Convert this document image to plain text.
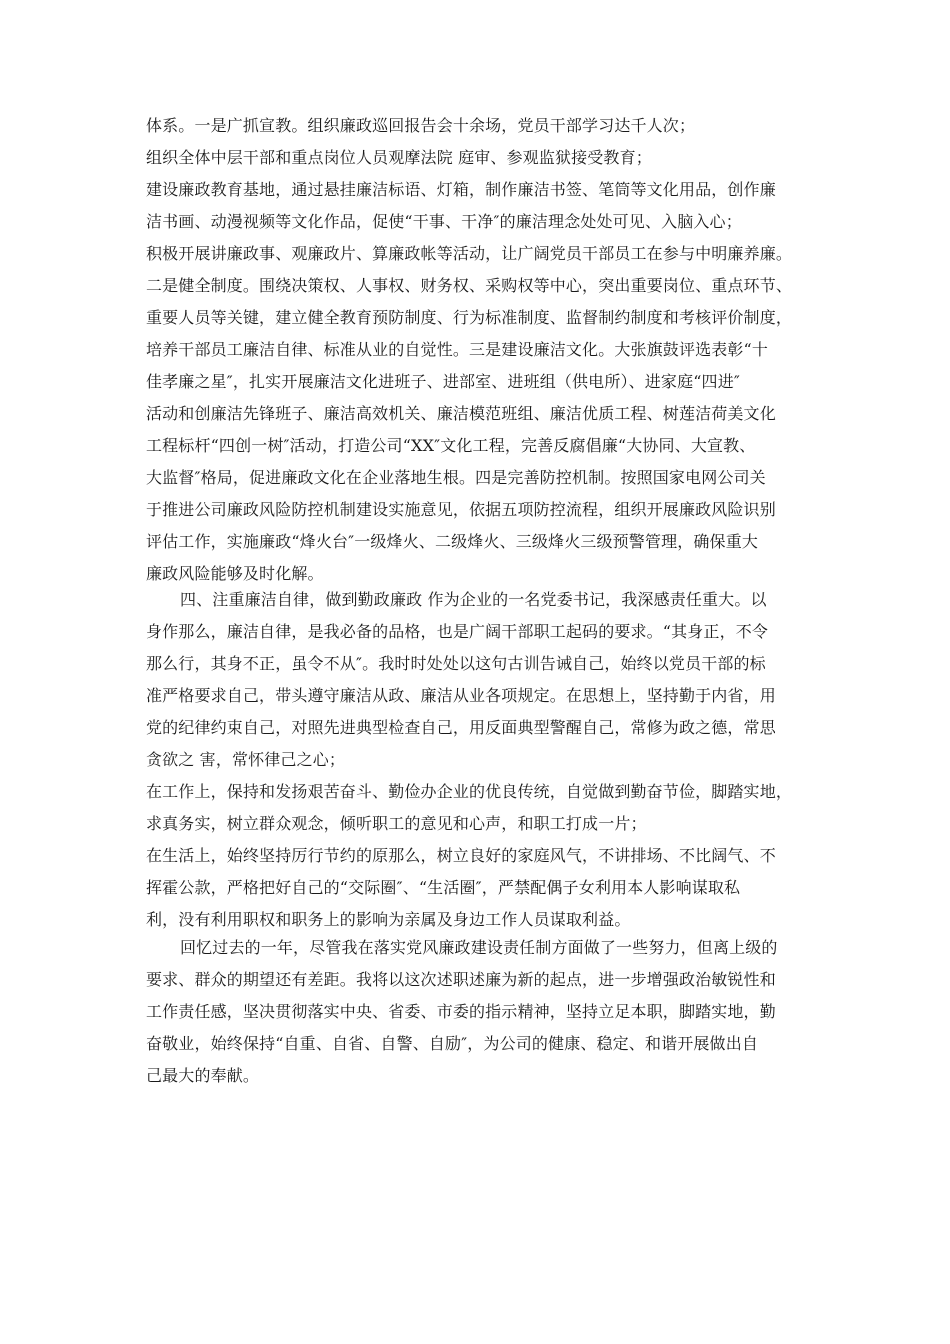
体系。一是广抓宣教。组织廉政巡回报告会十余场，党员干部学习达千人次；
组织全体中层干部和重点岗位人员观摩法院 庭审、参观监狱接受教育；
建设廉政教育基地，通过悬挂廉洁标语、灯箱，制作廉洁书签、笔筒等文化用品，创作廉
洁书画、动漫视频等文化作品，促使“干事、干净″的廉洁理念处处可见、入脑入心；
积极开展讲廉政事、观廉政片、算廉政帐等活动，让广阔党员干部员工在参与中明廉养廉。
二是健全制度。围绕决策权、人事权、财务权、采购权等中心，突出重要岗位、重点环节、
重要人员等关键，建立健全教育预防制度、行为标准制度、监督制约制度和考核评价制度，
培养干部员工廉洁自律、标准从业的自觉性。三是建设廉洁文化。大张旗鼓评选表彰“十
佳孝廉之星″，扎实开展廉洁文化进班子、进部室、进班组（供电所）、进家庭“四进″
活动和创廉洁先锋班子、廉洁高效机关、廉洁模范班组、廉洁优质工程、树莲洁荷美文化
工程标杆“四创一树″活动，打造公司“XX″文化工程，完善反腐倡廉“大协同、大宣教、
大监督″格局，促进廉政文化在企业落地生根。四是完善防控机制。按照国家电网公司关
于推进公司廉政风险防控机制建设实施意见，依据五项防控流程，组织开展廉政风险识别
评估工作，实施廉政“烽火台″一级烽火、二级烽火、三级烽火三级预警管理，确保重大
廉政风险能够及时化解。
四、注重廉洁自律，做到勤政廉政 作为企业的一名党委书记，我深感责任重大。以
身作那么，廉洁自律，是我必备的品格，也是广阔干部职工起码的要求。“其身正，不令
那么行，其身不正，虽令不从″。我时时处处以这句古训告诫自己，始终以党员干部的标
准严格要求自己，带头遵守廉洁从政、廉洁从业各项规定。在思想上，坚持勤于内省，用
党的纪律约束自己，对照先进典型检查自己，用反面典型警醒自己，常修为政之德，常思
贪欲之 害，常怀律己之心；
在工作上，保持和发扬艰苦奋斗、勤俭办企业的优良传统，自觉做到勤奋节俭，脚踏实地，
求真务实，树立群众观念，倾听职工的意见和心声，和职工打成一片；
在生活上，始终坚持厉行节约的原那么，树立良好的家庭风气，不讲排场、不比阔气、不
挥霍公款，严格把好自己的“交际圈″、“生活圈″，严禁配偶子女利用本人影响谋取私
利，没有利用职权和职务上的影响为亲属及身边工作人员谋取利益。
回忆过去的一年，尽管我在落实党风廉政建设责任制方面做了一些努力，但离上级的
要求、群众的期望还有差距。我将以这次述职述廉为新的起点，进一步增强政治敏锐性和
工作责任感，坚决贯彻落实中央、省委、市委的指示精神，坚持立足本职，脚踏实地，勤
奋敬业，始终保持“自重、自省、自警、自励″，为公司的健康、稳定、和谐开展做出自
己最大的奉献。
